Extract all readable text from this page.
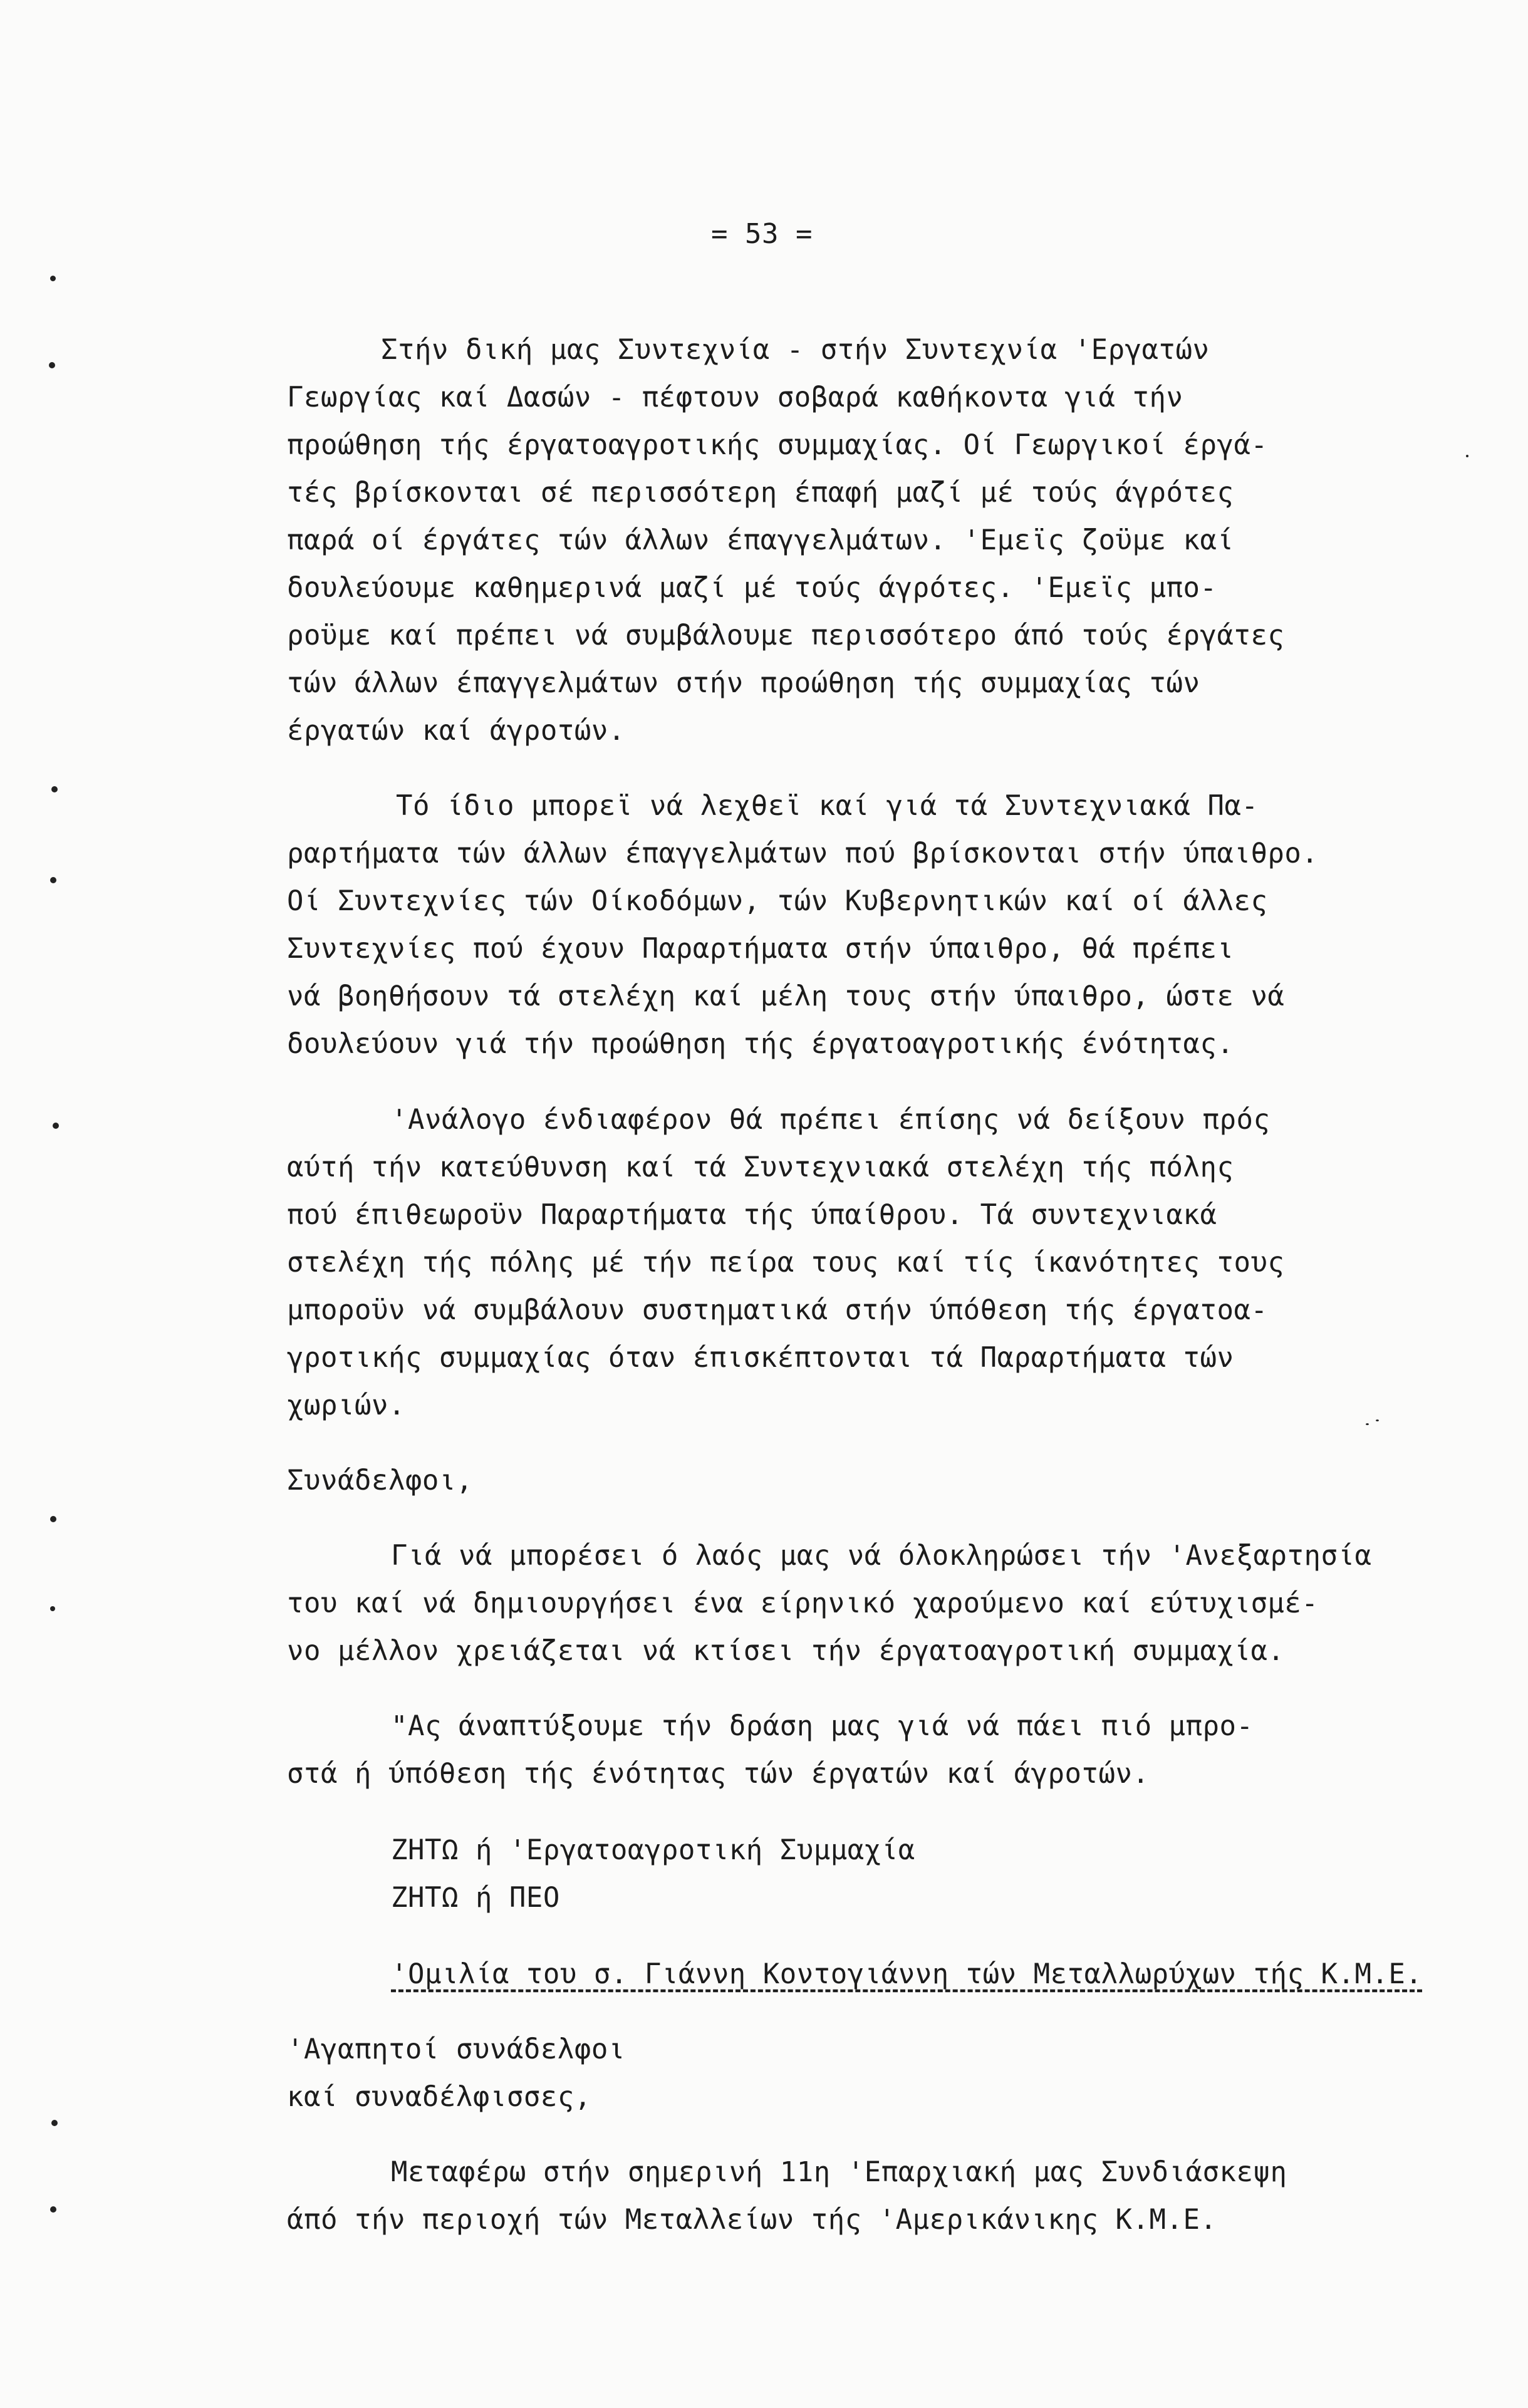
= 53 =
Στήν δική μας Συντεχνία - στήν Συντεχνία 'Εργατών
Γεωργίας καί Δασών - πέφτουν σοβαρά καθήκοντα γιά τήν
προώθηση τής έργατοαγροτικής συμμαχίας. Οί Γεωργικοί έργά-
τές βρίσκονται σέ περισσότερη έπαφή μαζί μέ τούς άγρότες
παρά οί έργάτες τών άλλων έπαγγελμάτων. 'Εμεϊς ζοϋμε καί
δουλεύουμε καθημερινά μαζί μέ τούς άγρότες. 'Εμεϊς μπο-
ροϋμε καί πρέπει νά συμβάλουμε περισσότερο άπό τούς έργάτες
τών άλλων έπαγγελμάτων στήν προώθηση τής συμμαχίας τών
έργατών καί άγροτών.
Τό ίδιο μπορεϊ νά λεχθεϊ καί γιά τά Συντεχνιακά Πα-
ραρτήματα τών άλλων έπαγγελμάτων πού βρίσκονται στήν ύπαιθρο.
Οί Συντεχνίες τών Οίκοδόμων, τών Κυβερνητικών καί οί άλλες
Συντεχνίες πού έχουν Παραρτήματα στήν ύπαιθρο, θά πρέπει
νά βοηθήσουν τά στελέχη καί μέλη τους στήν ύπαιθρο, ώστε νά
δουλεύουν γιά τήν προώθηση τής έργατοαγροτικής ένότητας.
'Ανάλογο ένδιαφέρον θά πρέπει έπίσης νά δείξουν πρός
αύτή τήν κατεύθυνση καί τά Συντεχνιακά στελέχη τής πόλης
πού έπιθεωροϋν Παραρτήματα τής ύπαίθρου. Τά συντεχνιακά
στελέχη τής πόλης μέ τήν πείρα τους καί τίς ίκανότητες τους
μποροϋν νά συμβάλουν συστηματικά στήν ύπόθεση τής έργατοα-
γροτικής συμμαχίας όταν έπισκέπτονται τά Παραρτήματα τών
χωριών.
Συνάδελφοι,
Γιά νά μπορέσει ό λαός μας νά όλοκληρώσει τήν 'Ανεξαρτησία
του καί νά δημιουργήσει ένα είρηνικό χαρούμενο καί εύτυχισμέ-
νο μέλλον χρειάζεται νά κτίσει τήν έργατοαγροτική συμμαχία.
"Ας άναπτύξουμε τήν δράση μας γιά νά πάει πιό μπρο-
στά ή ύπόθεση τής ένότητας τών έργατών καί άγροτών.
ΖΗΤΩ ή 'Εργατοαγροτική Συμμαχία
ΖΗΤΩ ή ΠΕΟ
'Ομιλία του σ. Γιάννη Κοντογιάννη τών Μεταλλωρύχων τής Κ.Μ.Ε.
'Αγαπητοί συνάδελφοι
καί συναδέλφισσες,
Μεταφέρω στήν σημερινή 11η 'Επαρχιακή μας Συνδιάσκεψη
άπό τήν περιοχή τών Μεταλλείων τής 'Αμερικάνικης Κ.Μ.Ε.
